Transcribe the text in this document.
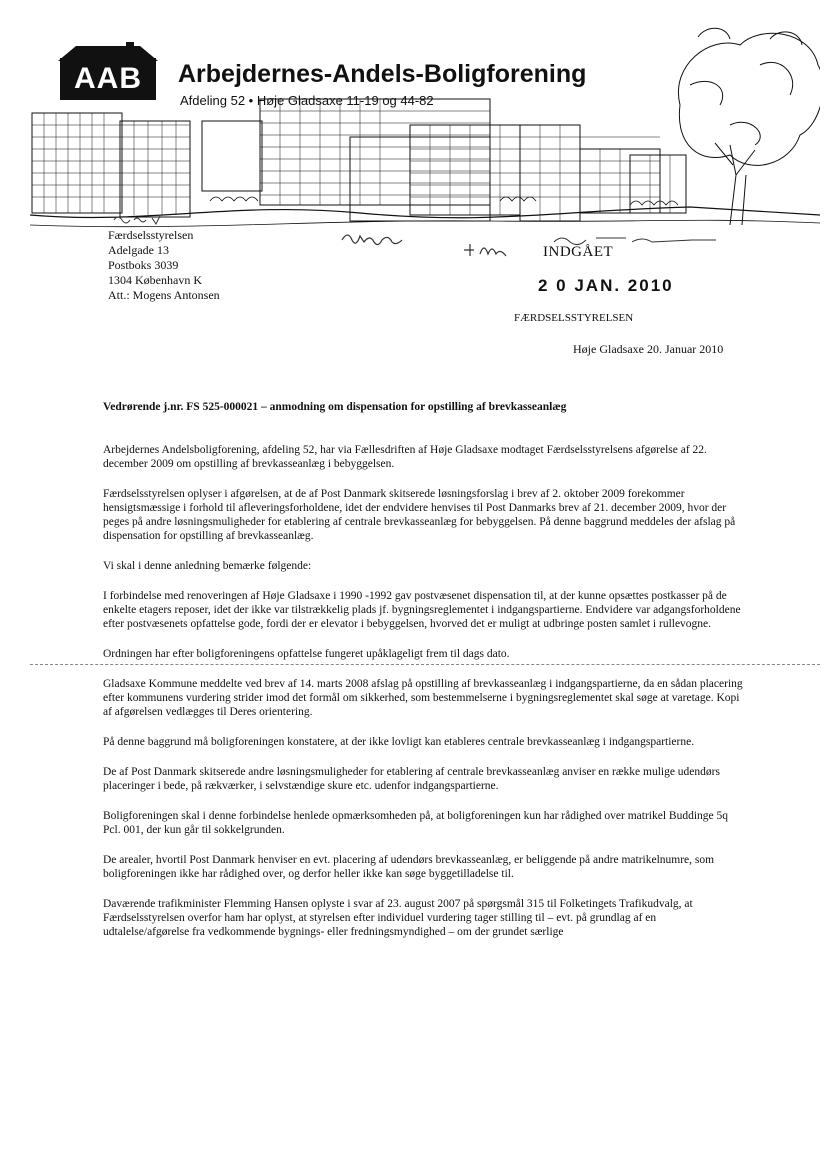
AAB	Arbejdernes-Andels-Boligforening
Afdeling 52 • Høje Gladsaxe 11-19 og 44-82
Færdselsstyrelsen
Adelgade 13
Postboks 3039
1304 København K
Att.: Mogens Antonsen
INDGÅET
2 0 JAN. 2010
FÆRDSELSSTYRELSEN
Høje Gladsaxe 20. Januar 2010
Vedrørende j.nr. FS 525-000021 – anmodning om dispensation for opstilling af brevkasseanlæg

Arbejdernes Andelsboligforening, afdeling 52, har via Fællesdriften af Høje Gladsaxe modtaget Færdselsstyrelsens afgørelse af 22. december 2009 om opstilling af brevkasseanlæg i bebyggelsen.

Færdselsstyrelsen oplyser i afgørelsen, at de af Post Danmark skitserede løsningsforslag i brev af 2. oktober 2009 forekommer hensigtsmæssige i forhold til afleveringsforholdene, idet der endvidere henvises til Post Danmarks brev af 21. december 2009, hvor der peges på andre løsningsmuligheder for etablering af centrale brevkasseanlæg for bebyggelsen. På denne baggrund meddeles der afslag på dispensation for opstilling af brevkasseanlæg.

Vi skal i denne anledning bemærke følgende:

I forbindelse med renoveringen af Høje Gladsaxe i 1990 -1992 gav postvæsenet dispensation til, at der kunne opsættes postkasser på de enkelte etagers reposer, idet der ikke var tilstrækkelig plads jf. bygningsreglementet i indgangspartierne. Endvidere var adgangsforholdene efter postvæsenets opfattelse gode, fordi der er elevator i bebyggelsen, hvorved det er muligt at udbringe posten samlet i rullevogne.

Ordningen har efter boligforeningens opfattelse fungeret upåklageligt frem til dags dato.

Gladsaxe Kommune meddelte ved brev af 14. marts 2008 afslag på opstilling af brevkasseanlæg i indgangspartierne, da en sådan placering efter kommunens vurdering strider imod det formål om sikkerhed, som bestemmelserne i bygningsreglementet skal søge at varetage. Kopi af afgørelsen vedlægges til Deres orientering.

På denne baggrund må boligforeningen konstatere, at der ikke lovligt kan etableres centrale brevkasseanlæg i indgangspartierne.

De af Post Danmark skitserede andre løsningsmuligheder for etablering af centrale brevkasseanlæg anviser en række mulige udendørs placeringer i bede, på rækværker, i selvstændige skure etc. udenfor indgangspartierne.

Boligforeningen skal i denne forbindelse henlede opmærksomheden på, at boligforeningen kun har rådighed over matrikel Buddinge 5q Pcl. 001, der kun går til sokkelgrunden.

De arealer, hvortil Post Danmark henviser en evt. placering af udendørs brevkasseanlæg, er beliggende på andre matrikelnumre, som boligforeningen ikke har rådighed over, og derfor heller ikke kan søge byggetilladelse til.

Daværende trafikminister Flemming Hansen oplyste i svar af 23. august 2007 på spørgsmål 315 til Folketingets Trafikudvalg, at Færdselsstyrelsen overfor ham har oplyst, at styrelsen efter individuel vurdering tager stilling til – evt. på grundlag af en udtalelse/afgørelse fra vedkommende bygnings- eller fredningsmyndighed – om der grundet særlige
